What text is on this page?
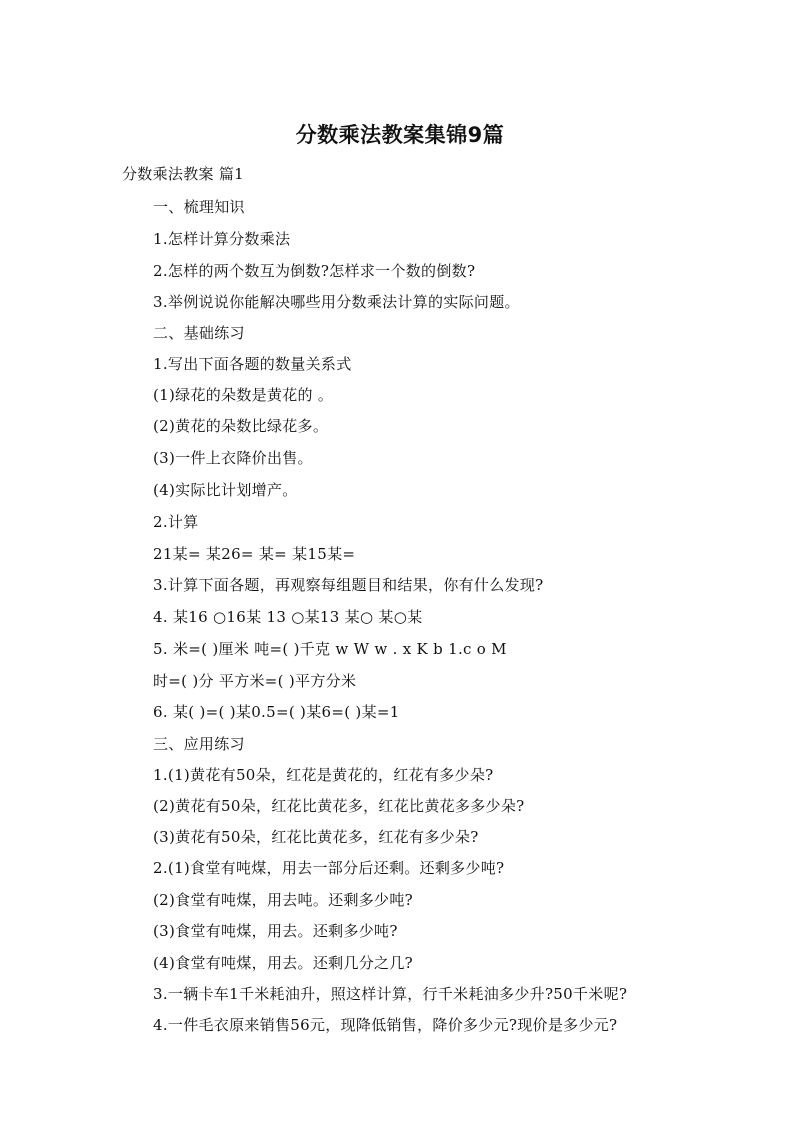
分数乘法教案集锦9篇
分数乘法教案 篇1
一、梳理知识
1.怎样计算分数乘法
2.怎样的两个数互为倒数?怎样求一个数的倒数?
3.举例说说你能解决哪些用分数乘法计算的实际问题。
二、基础练习
1.写出下面各题的数量关系式
(1)绿花的朵数是黄花的 。
(2)黄花的朵数比绿花多。
(3)一件上衣降价出售。
(4)实际比计划增产。
2.计算
21某= 某26= 某= 某15某=
3.计算下面各题，再观察每组题目和结果，你有什么发现?
4. 某16 ○16某 13 ○某13 某○ 某○某
5. 米=( )厘米 吨=( )千克 w W w . x K b 1.c o M
时=( )分 平方米=( )平方分米
6. 某( )=( )某0.5=( )某6=( )某=1
三、应用练习
1.(1)黄花有50朵，红花是黄花的，红花有多少朵?
(2)黄花有50朵，红花比黄花多，红花比黄花多多少朵?
(3)黄花有50朵，红花比黄花多，红花有多少朵?
2.(1)食堂有吨煤，用去一部分后还剩。还剩多少吨?
(2)食堂有吨煤，用去吨。还剩多少吨?
(3)食堂有吨煤，用去。还剩多少吨?
(4)食堂有吨煤，用去。还剩几分之几?
3.一辆卡车1千米耗油升，照这样计算，行千米耗油多少升?50千米呢?
4.一件毛衣原来销售56元，现降低销售，降价多少元?现价是多少元?
